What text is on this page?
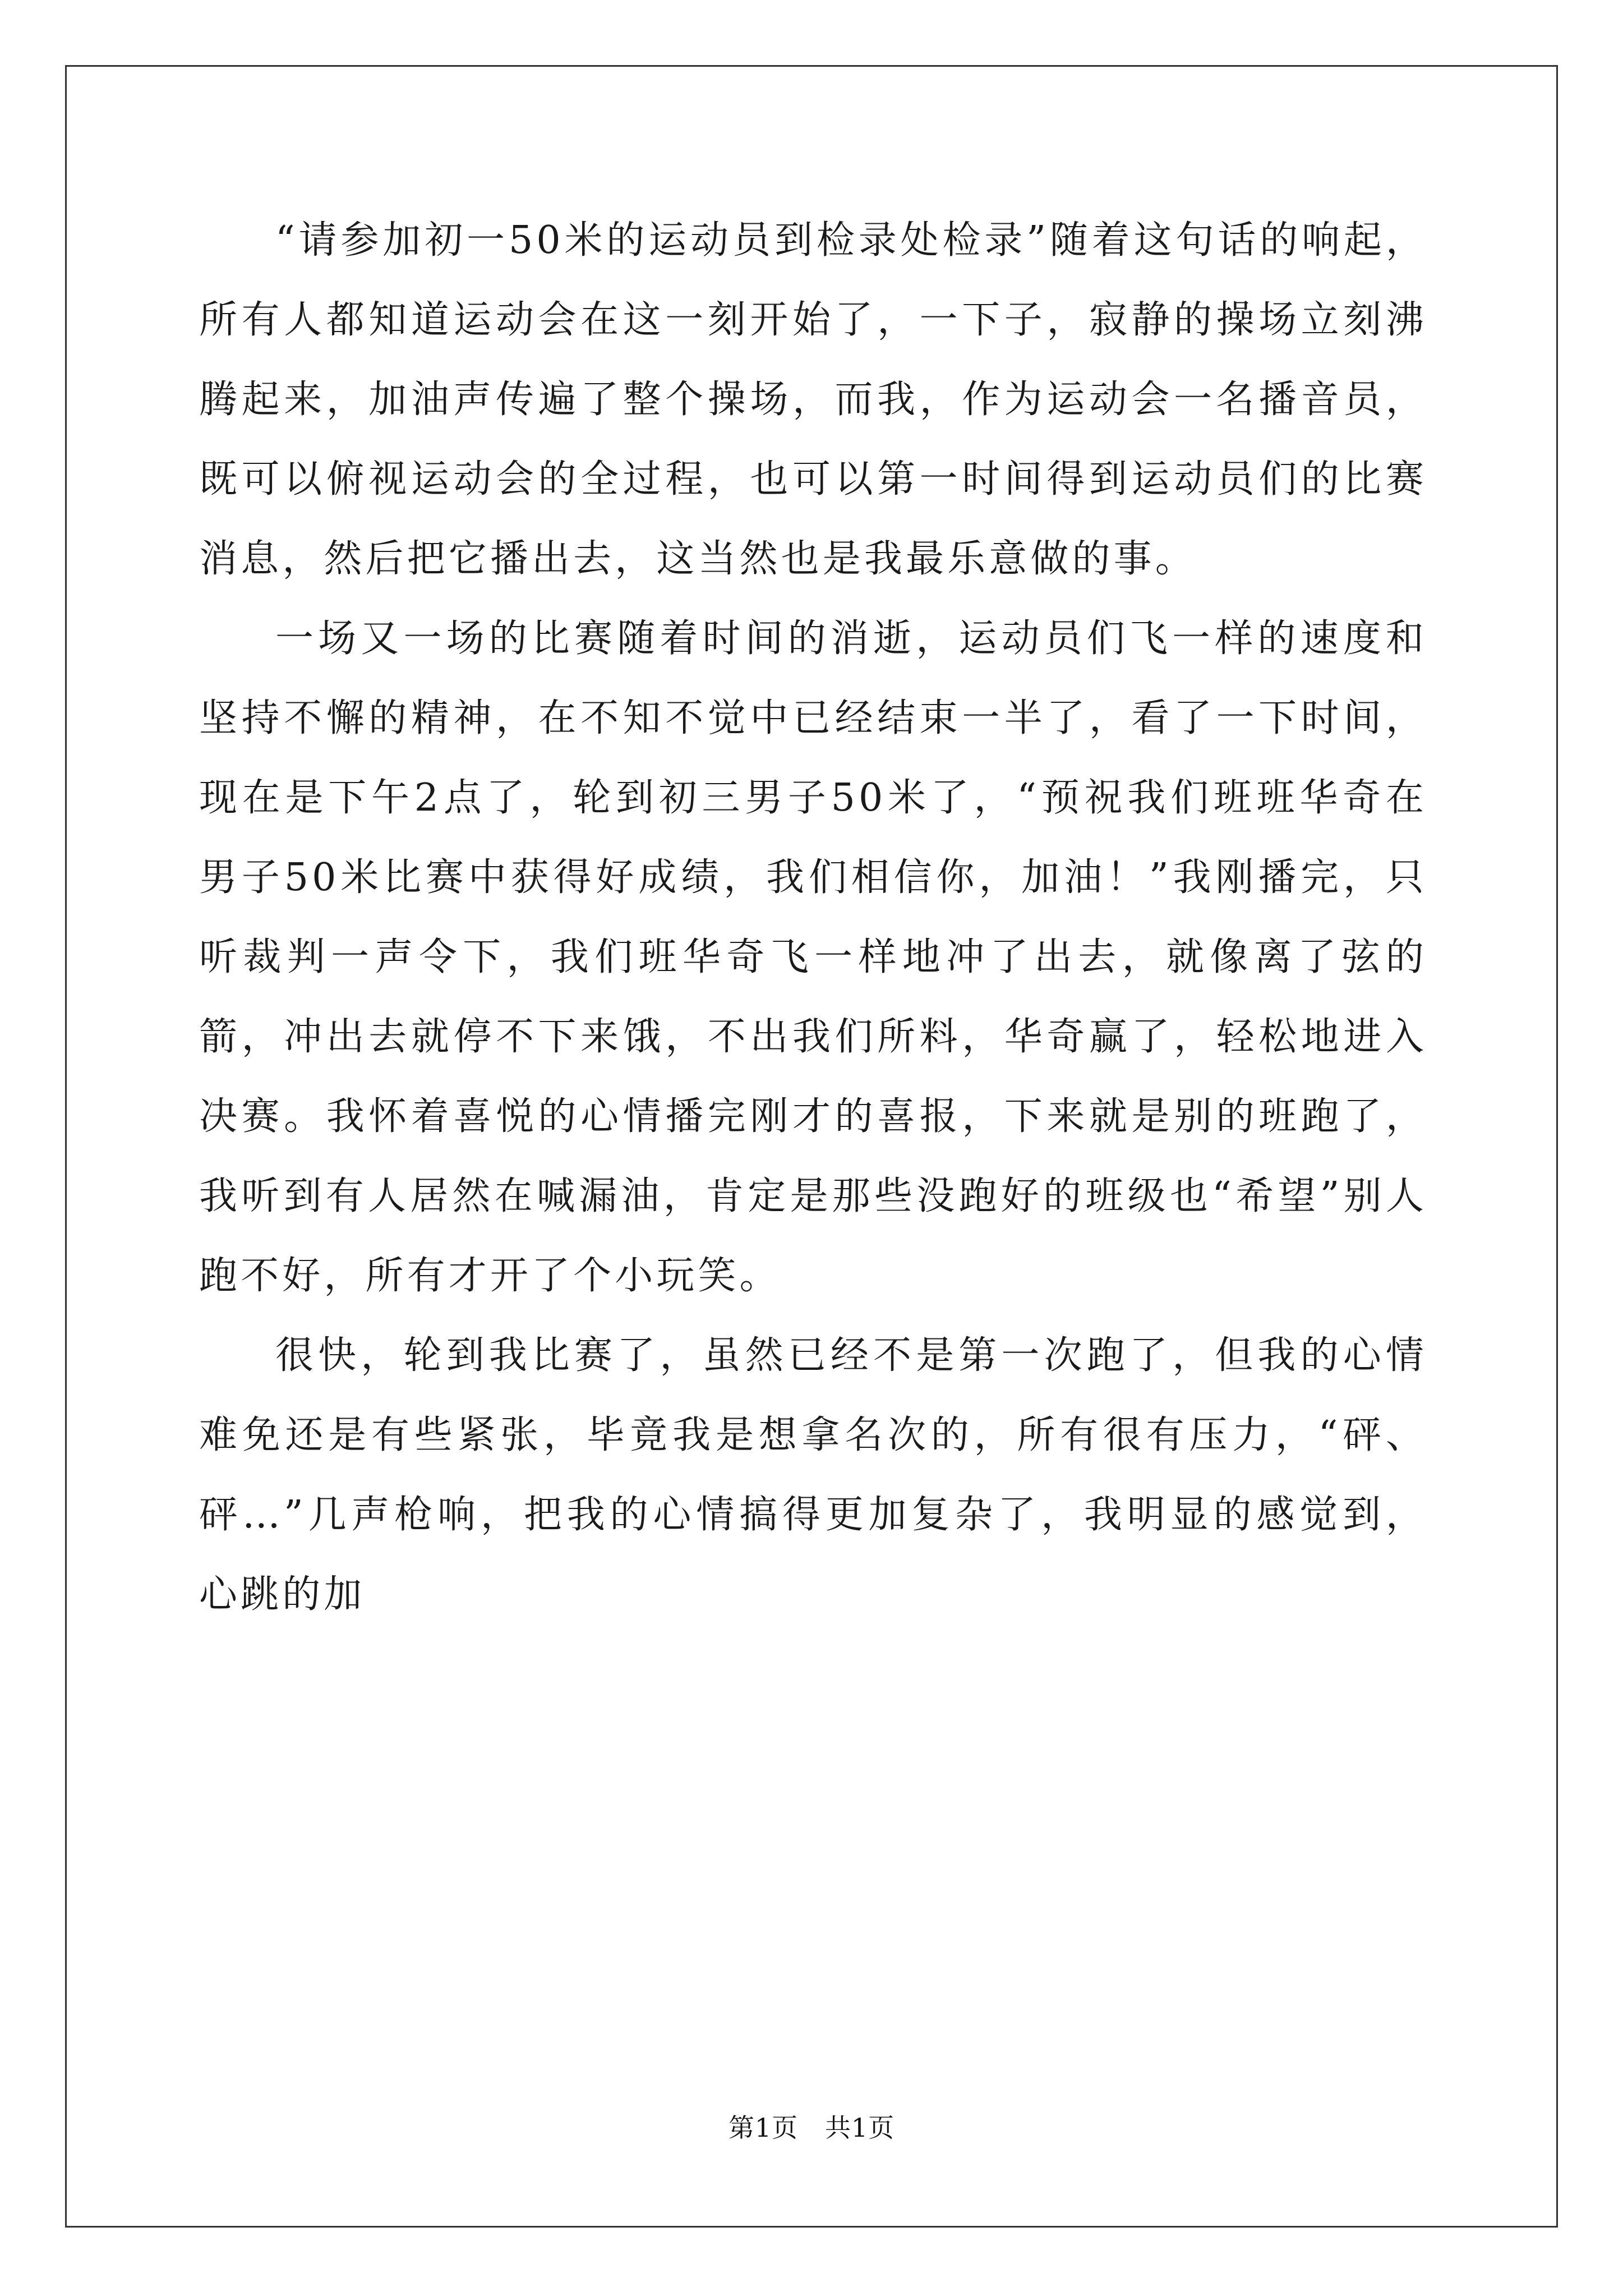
“请参加初一50米的运动员到检录处检录”随着这句话的响起，所有人都知道运动会在这一刻开始了，一下子，寂静的操场立刻沸腾起来，加油声传遍了整个操场，而我，作为运动会一名播音员，既可以俯视运动会的全过程，也可以第一时间得到运动员们的比赛消息，然后把它播出去，这当然也是我最乐意做的事。

一场又一场的比赛随着时间的消逝，运动员们飞一样的速度和坚持不懈的精神，在不知不觉中已经结束一半了，看了一下时间，现在是下午2点了，轮到初三男子50米了，“预祝我们班班华奇在男子50米比赛中获得好成绩，我们相信你，加油！”我刚播完，只听裁判一声令下，我们班华奇飞一样地冲了出去，就像离了弦的箭，冲出去就停不下来饿，不出我们所料，华奇赢了，轻松地进入决赛。我怀着喜悦的心情播完刚才的喜报，下来就是别的班跑了，我听到有人居然在喊漏油，肯定是那些没跑好的班级也“希望”别人跑不好，所有才开了个小玩笑。

很快，轮到我比赛了，虽然已经不是第一次跑了，但我的心情难免还是有些紧张，毕竟我是想拿名次的，所有很有压力，“砰、砰…”几声枪响，把我的心情搞得更加复杂了，我明显的感觉到，心跳的加

第1页 共1页
